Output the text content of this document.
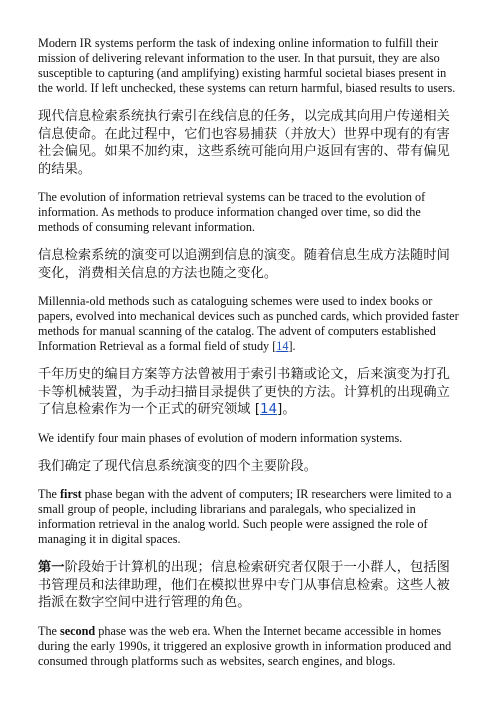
Modern IR systems perform the task of indexing online information to fulfill their mission of delivering relevant information to the user. In that pursuit, they are also susceptible to capturing (and amplifying) existing harmful societal biases present in the world. If left unchecked, these systems can return harmful, biased results to users.

现代信息检索系统执行索引在线信息的任务，以完成其向用户传递相关信息使命。在此过程中，它们也容易捕获（并放大）世界中现有的有害社会偏见。如果不加约束，这些系统可能向用户返回有害的、带有偏见的结果。

The evolution of information retrieval systems can be traced to the evolution of information. As methods to produce information changed over time, so did the methods of consuming relevant information.

信息检索系统的演变可以追溯到信息的演变。随着信息生成方法随时间变化，消费相关信息的方法也随之变化。

Millennia-old methods such as cataloguing schemes were used to index books or papers, evolved into mechanical devices such as punched cards, which provided faster methods for manual scanning of the catalog. The advent of computers established Information Retrieval as a formal field of study [14].

千年历史的编目方案等方法曾被用于索引书籍或论文，后来演变为打孔卡等机械装置，为手动扫描目录提供了更快的方法。计算机的出现确立了信息检索作为一个正式的研究领域 [14]。

We identify four main phases of evolution of modern information systems.

我们确定了现代信息系统演变的四个主要阶段。

The first phase began with the advent of computers; IR researchers were limited to a small group of people, including librarians and paralegals, who specialized in information retrieval in the analog world. Such people were assigned the role of managing it in digital spaces.

第一阶段始于计算机的出现；信息检索研究者仅限于一小群人，包括图书管理员和法律助理，他们在模拟世界中专门从事信息检索。这些人被指派在数字空间中进行管理的角色。

The second phase was the web era. When the Internet became accessible in homes during the early 1990s, it triggered an explosive growth in information produced and consumed through platforms such as websites, search engines, and blogs.
